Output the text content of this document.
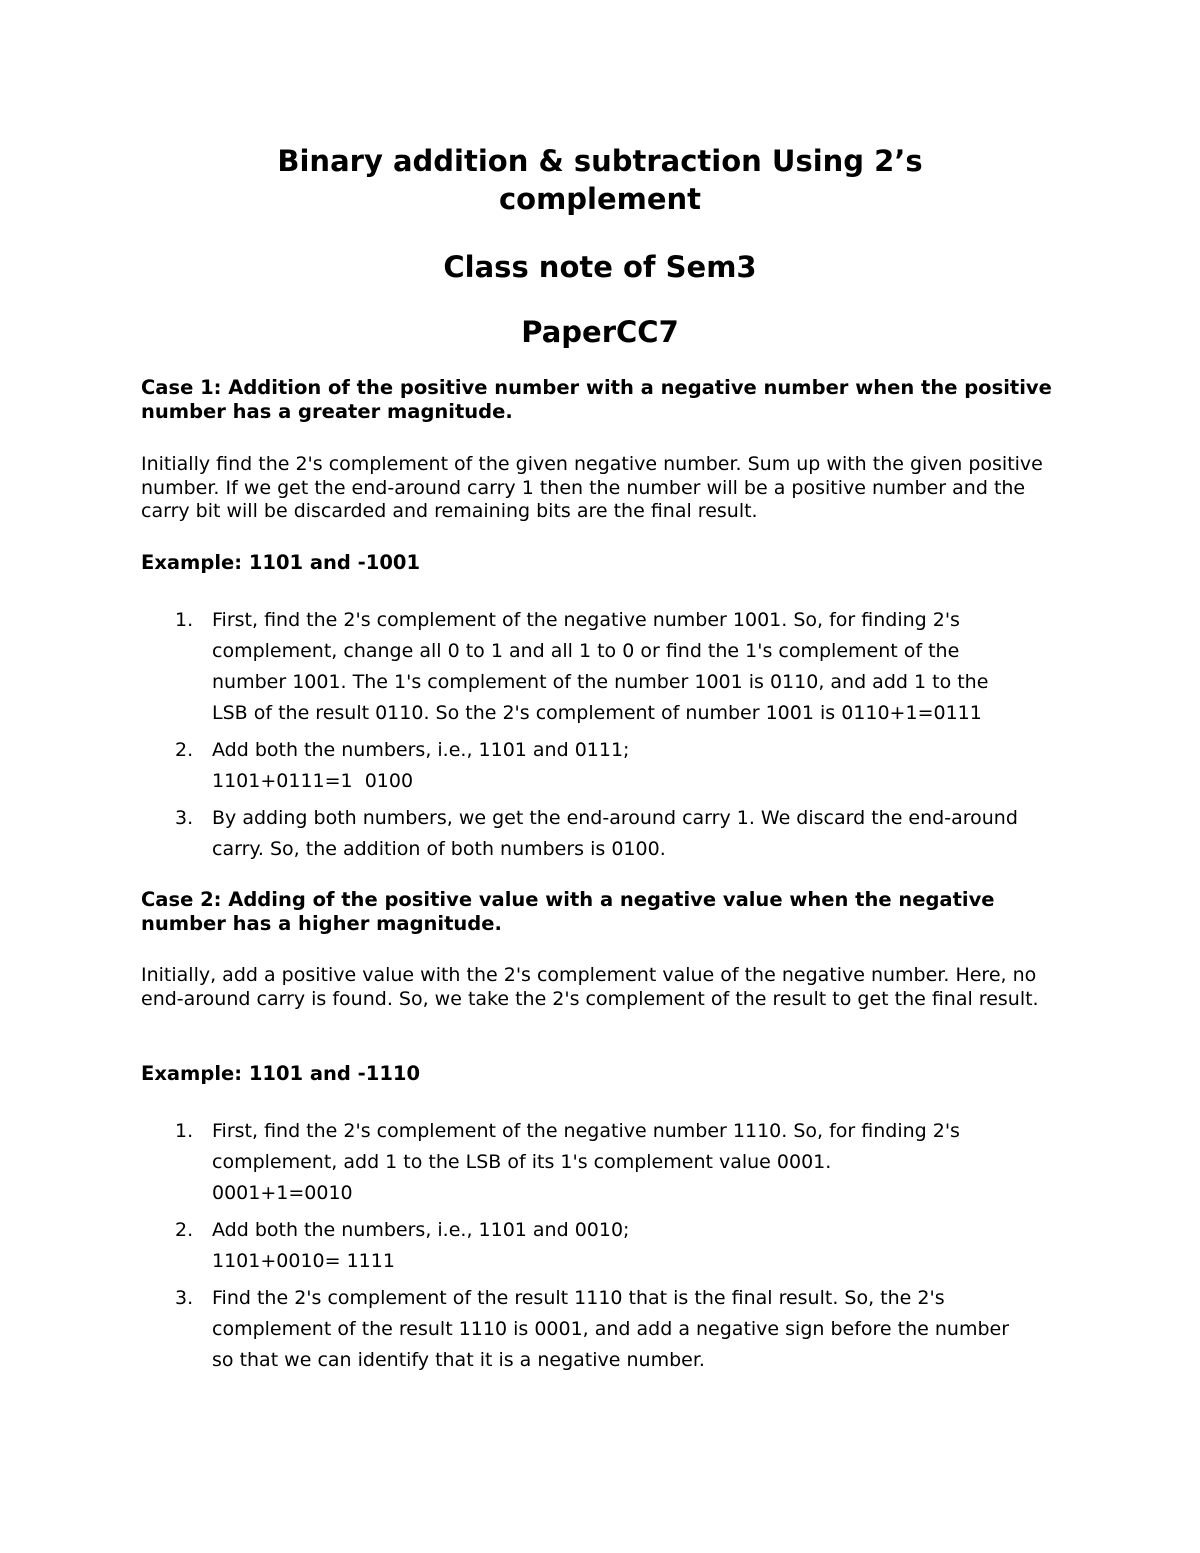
Binary addition & subtraction Using 2’s
complement
Class note of Sem3
PaperCC7

Case 1: Addition of the positive number with a negative number when the positive number has a greater magnitude.

Initially find the 2's complement of the given negative number. Sum up with the given positive number. If we get the end-around carry 1 then the number will be a positive number and the carry bit will be discarded and remaining bits are the final result.

Example: 1101 and -1001

1. First, find the 2's complement of the negative number 1001. So, for finding 2's
complement, change all 0 to 1 and all 1 to 0 or find the 1's complement of the
number 1001. The 1's complement of the number 1001 is 0110, and add 1 to the
LSB of the result 0110. So the 2's complement of number 1001 is 0110+1=0111
2. Add both the numbers, i.e., 1101 and 0111;
1101+0111=1  0100
3. By adding both numbers, we get the end-around carry 1. We discard the end-around
carry. So, the addition of both numbers is 0100.

Case 2: Adding of the positive value with a negative value when the negative number has a higher magnitude.

Initially, add a positive value with the 2's complement value of the negative number. Here, no end-around carry is found. So, we take the 2's complement of the result to get the final result.

Example: 1101 and -1110

1. First, find the 2's complement of the negative number 1110. So, for finding 2's
complement, add 1 to the LSB of its 1's complement value 0001.
0001+1=0010
2. Add both the numbers, i.e., 1101 and 0010;
1101+0010= 1111
3. Find the 2's complement of the result 1110 that is the final result. So, the 2's
complement of the result 1110 is 0001, and add a negative sign before the number
so that we can identify that it is a negative number.
